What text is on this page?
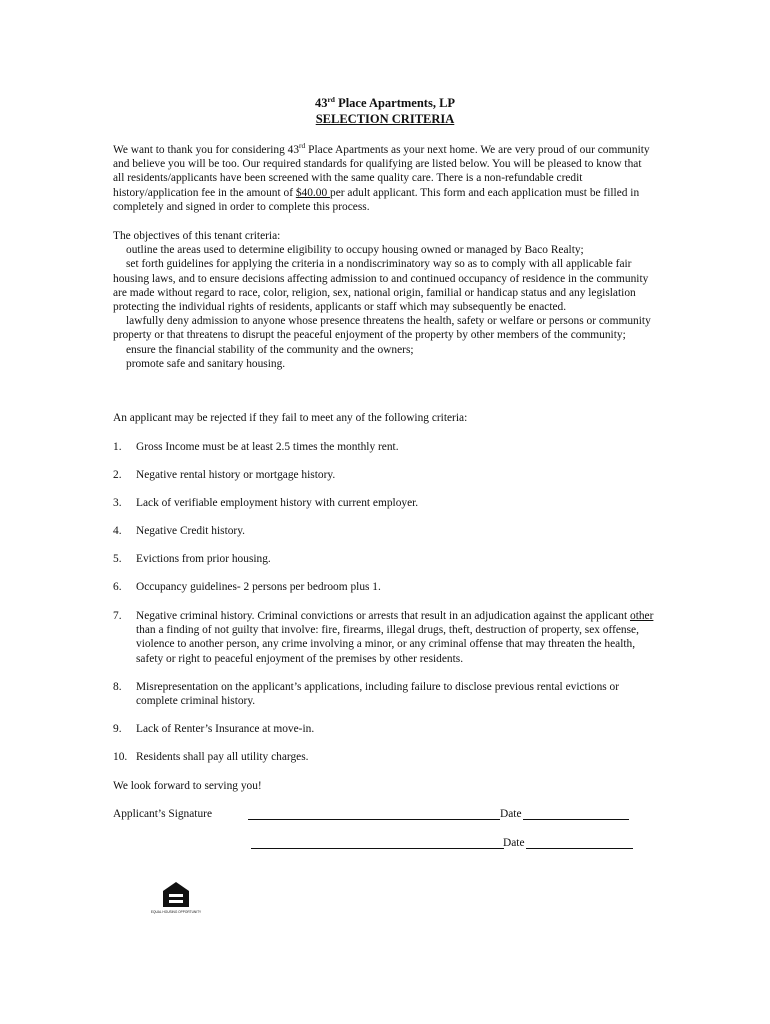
43rd Place Apartments, LP
SELECTION CRITERIA

We want to thank you for considering 43rd Place Apartments as your next home. We are very proud of our community and believe you will be too. Our required standards for qualifying are listed below. You will be pleased to know that all residents/applicants have been screened with the same quality care. There is a non-refundable credit history/application fee in the amount of $40.00 per adult applicant. This form and each application must be filled in completely and signed in order to complete this process.

The objectives of this tenant criteria:
outline the areas used to determine eligibility to occupy housing owned or managed by Baco Realty;
set forth guidelines for applying the criteria in a nondiscriminatory way so as to comply with all applicable fair housing laws, and to ensure decisions affecting admission to and continued occupancy of residence in the community are made without regard to race, color, religion, sex, national origin, familial or handicap status and any legislation protecting the individual rights of residents, applicants or staff which may subsequently be enacted.
lawfully deny admission to anyone whose presence threatens the health, safety or welfare or persons or community property or that threatens to disrupt the peaceful enjoyment of the property by other members of the community;
ensure the financial stability of the community and the owners;
promote safe and sanitary housing.

An applicant may be rejected if they fail to meet any of the following criteria:

1. Gross Income must be at least 2.5 times the monthly rent.
2. Negative rental history or mortgage history.
3. Lack of verifiable employment history with current employer.
4. Negative Credit history.
5. Evictions from prior housing.
6. Occupancy guidelines- 2 persons per bedroom plus 1.
7. Negative criminal history. Criminal convictions or arrests that result in an adjudication against the applicant other than a finding of not guilty that involve: fire, firearms, illegal drugs, theft, destruction of property, sex offense, violence to another person, any crime involving a minor, or any criminal offense that may threaten the health, safety or right to peaceful enjoyment of the premises by other residents.
8. Misrepresentation on the applicant’s applications, including failure to disclose previous rental evictions or complete criminal history.
9. Lack of Renter’s Insurance at move-in.
10. Residents shall pay all utility charges.

We look forward to serving you!

Applicant’s Signature	Date
Date
EQUAL HOUSING OPPORTUNITY
